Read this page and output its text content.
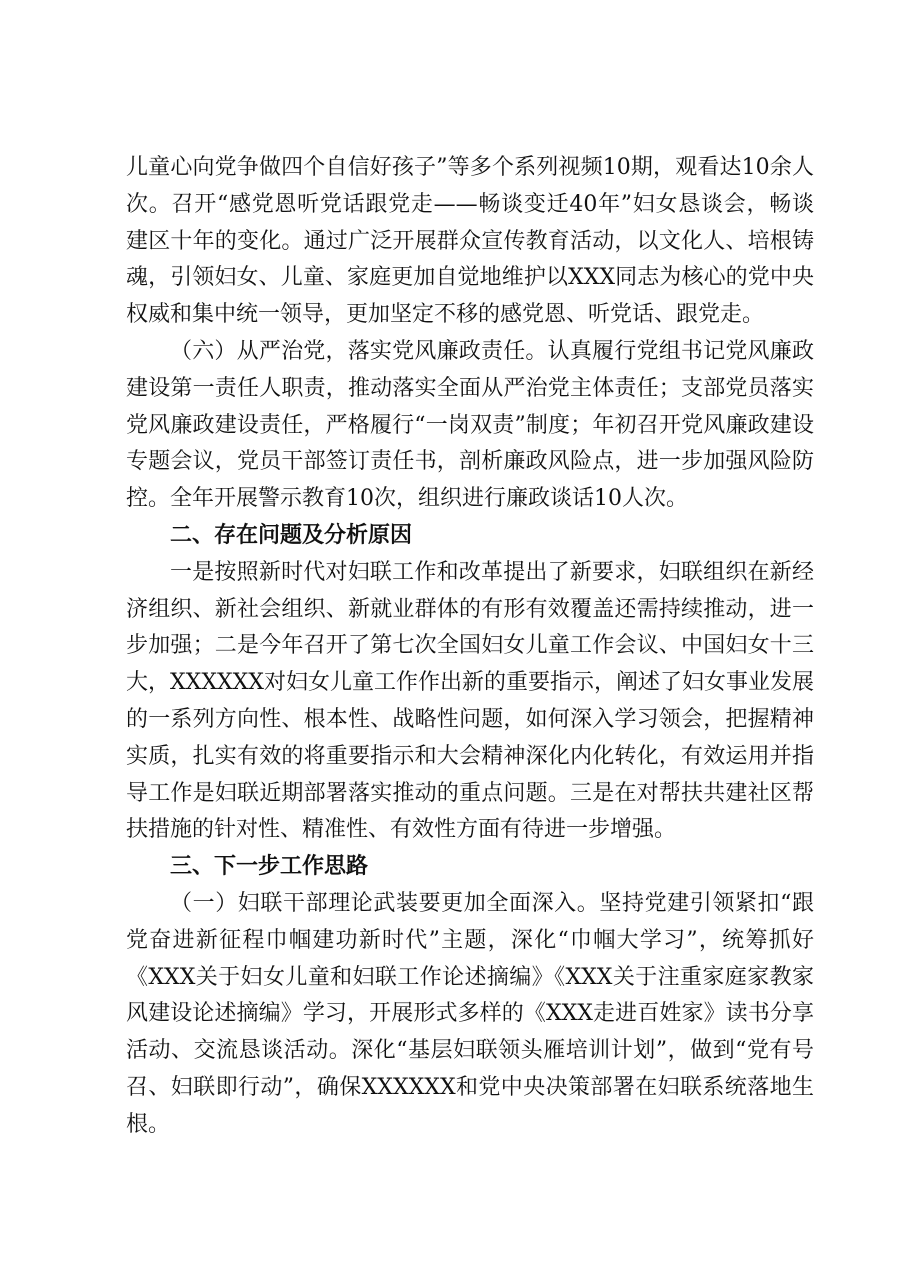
儿童心向党争做四个自信好孩子”等多个系列视频10期，观看达10余人次。召开“感党恩听党话跟党走——畅谈变迁40年”妇女恳谈会，畅谈建区十年的变化。通过广泛开展群众宣传教育活动，以文化人、培根铸魂，引领妇女、儿童、家庭更加自觉地维护以XXX同志为核心的党中央权威和集中统一领导，更加坚定不移的感党恩、听党话、跟党走。

（六）从严治党，落实党风廉政责任。认真履行党组书记党风廉政建设第一责任人职责，推动落实全面从严治党主体责任；支部党员落实党风廉政建设责任，严格履行“一岗双责”制度；年初召开党风廉政建设专题会议，党员干部签订责任书，剖析廉政风险点，进一步加强风险防控。全年开展警示教育10次，组织进行廉政谈话10人次。

二、存在问题及分析原因

一是按照新时代对妇联工作和改革提出了新要求，妇联组织在新经济组织、新社会组织、新就业群体的有形有效覆盖还需持续推动，进一步加强；二是今年召开了第七次全国妇女儿童工作会议、中国妇女十三大，XXXXXX对妇女儿童工作作出新的重要指示，阐述了妇女事业发展的一系列方向性、根本性、战略性问题，如何深入学习领会，把握精神实质，扎实有效的将重要指示和大会精神深化内化转化，有效运用并指导工作是妇联近期部署落实推动的重点问题。三是在对帮扶共建社区帮扶措施的针对性、精准性、有效性方面有待进一步增强。

三、下一步工作思路

（一）妇联干部理论武装要更加全面深入。坚持党建引领紧扣“跟党奋进新征程巾帼建功新时代”主题，深化“巾帼大学习”，统筹抓好《XXX关于妇女儿童和妇联工作论述摘编》《XXX关于注重家庭家教家风建设论述摘编》学习，开展形式多样的《XXX走进百姓家》读书分享活动、交流恳谈活动。深化“基层妇联领头雁培训计划”，做到“党有号召、妇联即行动”，确保XXXXXX和党中央决策部署在妇联系统落地生根。
